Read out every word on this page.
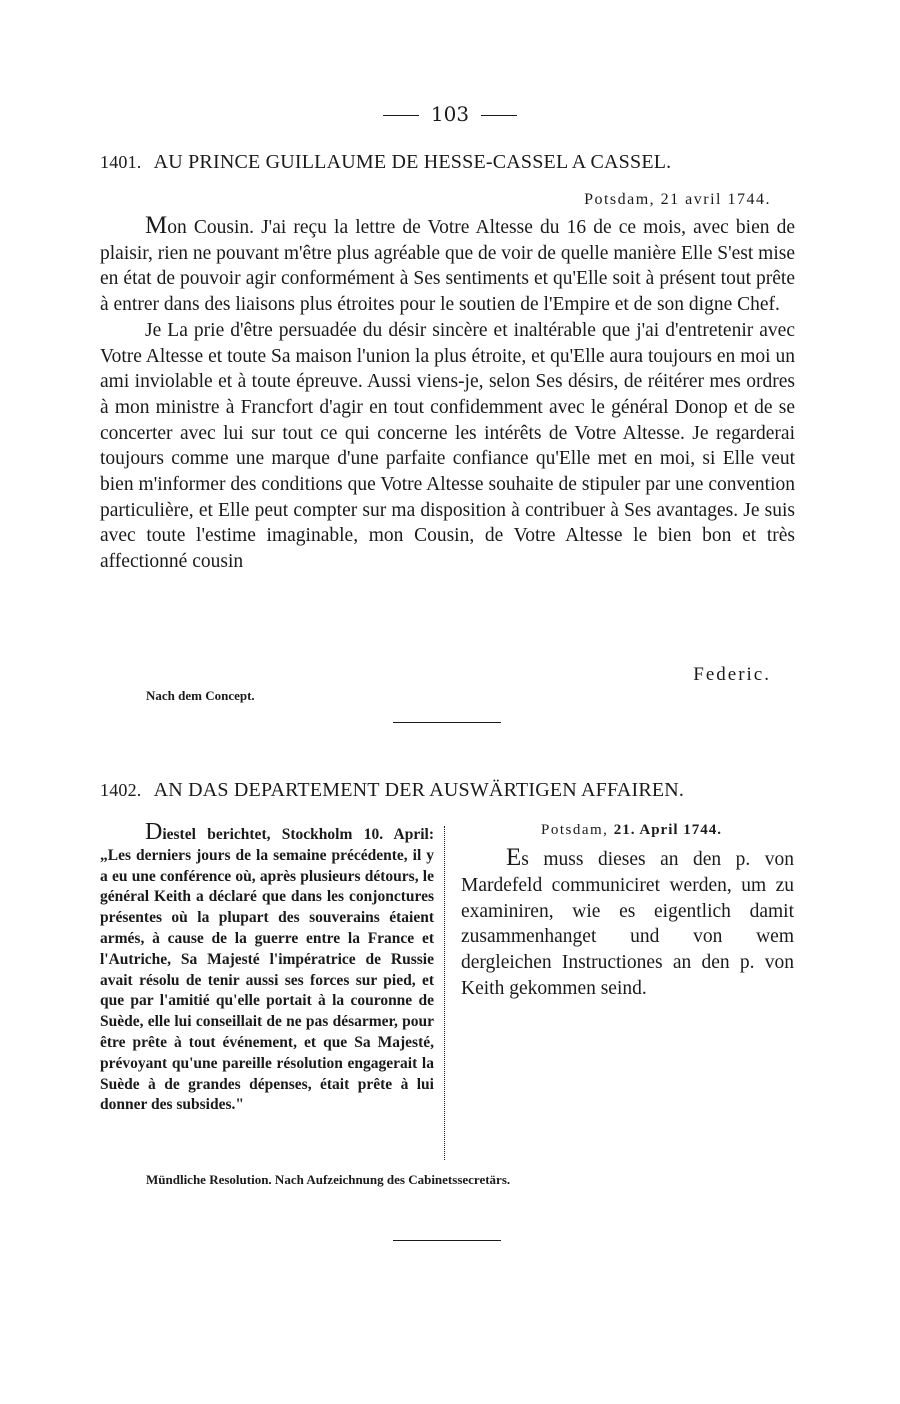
103
1401. AU PRINCE GUILLAUME DE HESSE-CASSEL A CASSEL.
Potsdam, 21 avril 1744.

Mon Cousin. J'ai reçu la lettre de Votre Altesse du 16 de ce mois, avec bien de plaisir, rien ne pouvant m'être plus agréable que de voir de quelle manière Elle S'est mise en état de pouvoir agir conformément à Ses sentiments et qu'Elle soit à présent tout prête à entrer dans des liaisons plus étroites pour le soutien de l'Empire et de son digne Chef.

Je La prie d'être persuadée du désir sincère et inaltérable que j'ai d'entretenir avec Votre Altesse et toute Sa maison l'union la plus étroite, et qu'Elle aura toujours en moi un ami inviolable et à toute épreuve. Aussi viens-je, selon Ses désirs, de réitérer mes ordres à mon ministre à Francfort d'agir en tout confidemment avec le général Donop et de se concerter avec lui sur tout ce qui concerne les intérêts de Votre Altesse. Je regarderai toujours comme une marque d'une parfaite confiance qu'Elle met en moi, si Elle veut bien m'informer des conditions que Votre Altesse souhaite de stipuler par une convention particulière, et Elle peut compter sur ma disposition à contribuer à Ses avantages. Je suis avec toute l'estime imaginable, mon Cousin, de Votre Altesse le bien bon et très affectionné cousin

Federic.
Nach dem Concept.
1402. AN DAS DEPARTEMENT DER AUSWÄRTIGEN AFFAIREN.

Diestel berichtet, Stockholm 10. April: „Les derniers jours de la semaine précédente, il y a eu une conférence où, après plusieurs détours, le général Keith a déclaré que dans les conjonctures présentes où la plupart des souverains étaient armés, à cause de la guerre entre la France et l'Autriche, Sa Majesté l'impératrice de Russie avait résolu de tenir aussi ses forces sur pied, et que par l'amitié qu'elle portait à la couronne de Suède, elle lui conseillait de ne pas désarmer, pour être prête à tout événement, et que Sa Majesté, prévoyant qu'une pareille résolution engagerait la Suède à de grandes dépenses, était prête à lui donner des subsides."

Potsdam, 21. April 1744.

Es muss dieses an den p. von Mardefeld communiciret werden, um zu examiniren, wie es eigentlich damit zusammenhanget und von wem dergleichen Instructiones an den p. von Keith gekommen seind.

Mündliche Resolution. Nach Aufzeichnung des Cabinetssecretärs.
